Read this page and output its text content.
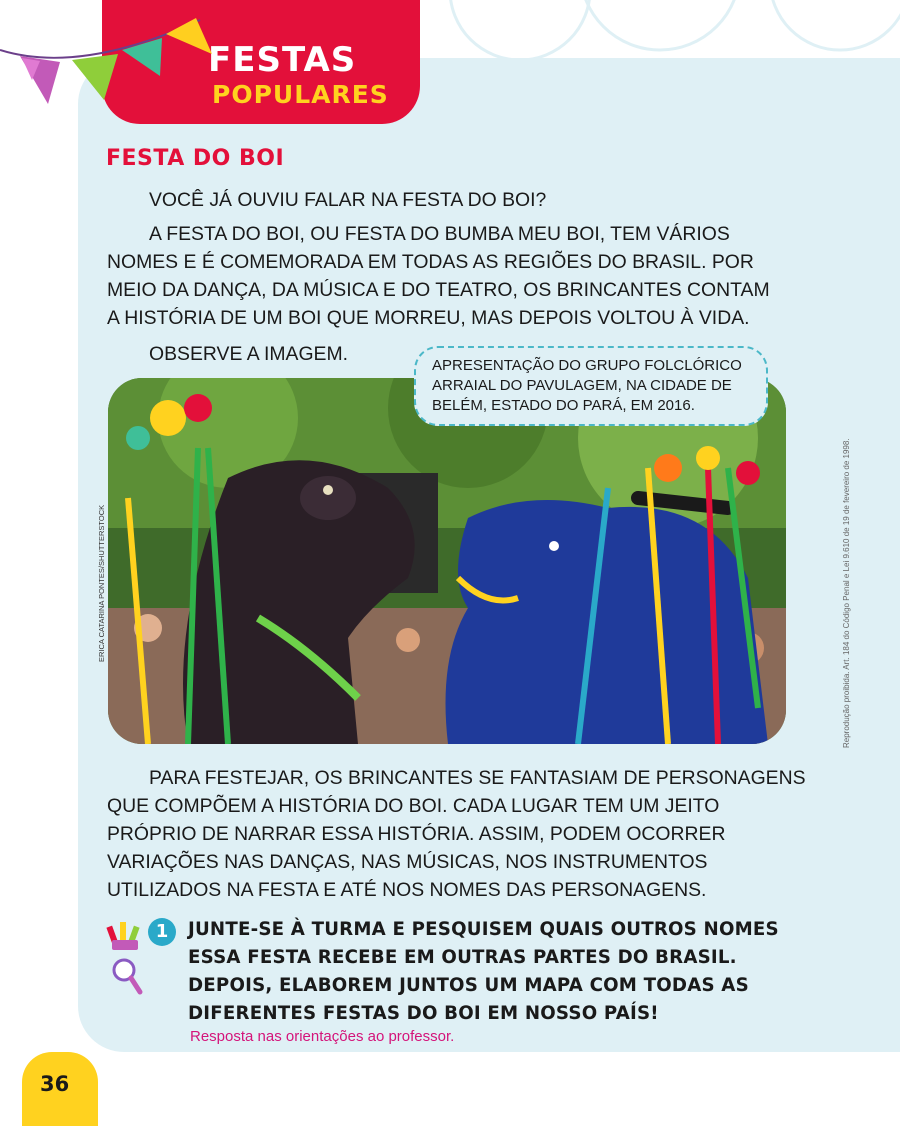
FESTAS
POPULARES
FESTA DO BOI

VOCÊ JÁ OUVIU FALAR NA FESTA DO BOI?

A FESTA DO BOI, OU FESTA DO BUMBA MEU BOI, TEM VÁRIOS
NOMES E É COMEMORADA EM TODAS AS REGIÕES DO BRASIL. POR
MEIO DA DANÇA, DA MÚSICA E DO TEATRO, OS BRINCANTES CONTAM
A HISTÓRIA DE UM BOI QUE MORREU, MAS DEPOIS VOLTOU À VIDA.

OBSERVE A IMAGEM.

APRESENTAÇÃO DO GRUPO FOLCLÓRICO
ARRAIAL DO PAVULAGEM, NA CIDADE DE
BELÉM, ESTADO DO PARÁ, EM 2016.
ERICA CATARINA PONTES/SHUTTERSTOCK	Reprodução proibida. Art. 184 do Código Penal e Lei 9.610 de 19 de fevereiro de 1998.
PARA FESTEJAR, OS BRINCANTES SE FANTASIAM DE PERSONAGENS
QUE COMPÕEM A HISTÓRIA DO BOI. CADA LUGAR TEM UM JEITO
PRÓPRIO DE NARRAR ESSA HISTÓRIA. ASSIM, PODEM OCORRER
VARIAÇÕES NAS DANÇAS, NAS MÚSICAS, NOS INSTRUMENTOS
UTILIZADOS NA FESTA E ATÉ NOS NOMES DAS PERSONAGENS.
1	JUNTE-SE À TURMA E PESQUISEM QUAIS OUTROS NOMES
ESSA FESTA RECEBE EM OUTRAS PARTES DO BRASIL.
DEPOIS, ELABOREM JUNTOS UM MAPA COM TODAS AS
DIFERENTES FESTAS DO BOI EM NOSSO PAÍS!
Resposta nas orientações ao professor.
36
